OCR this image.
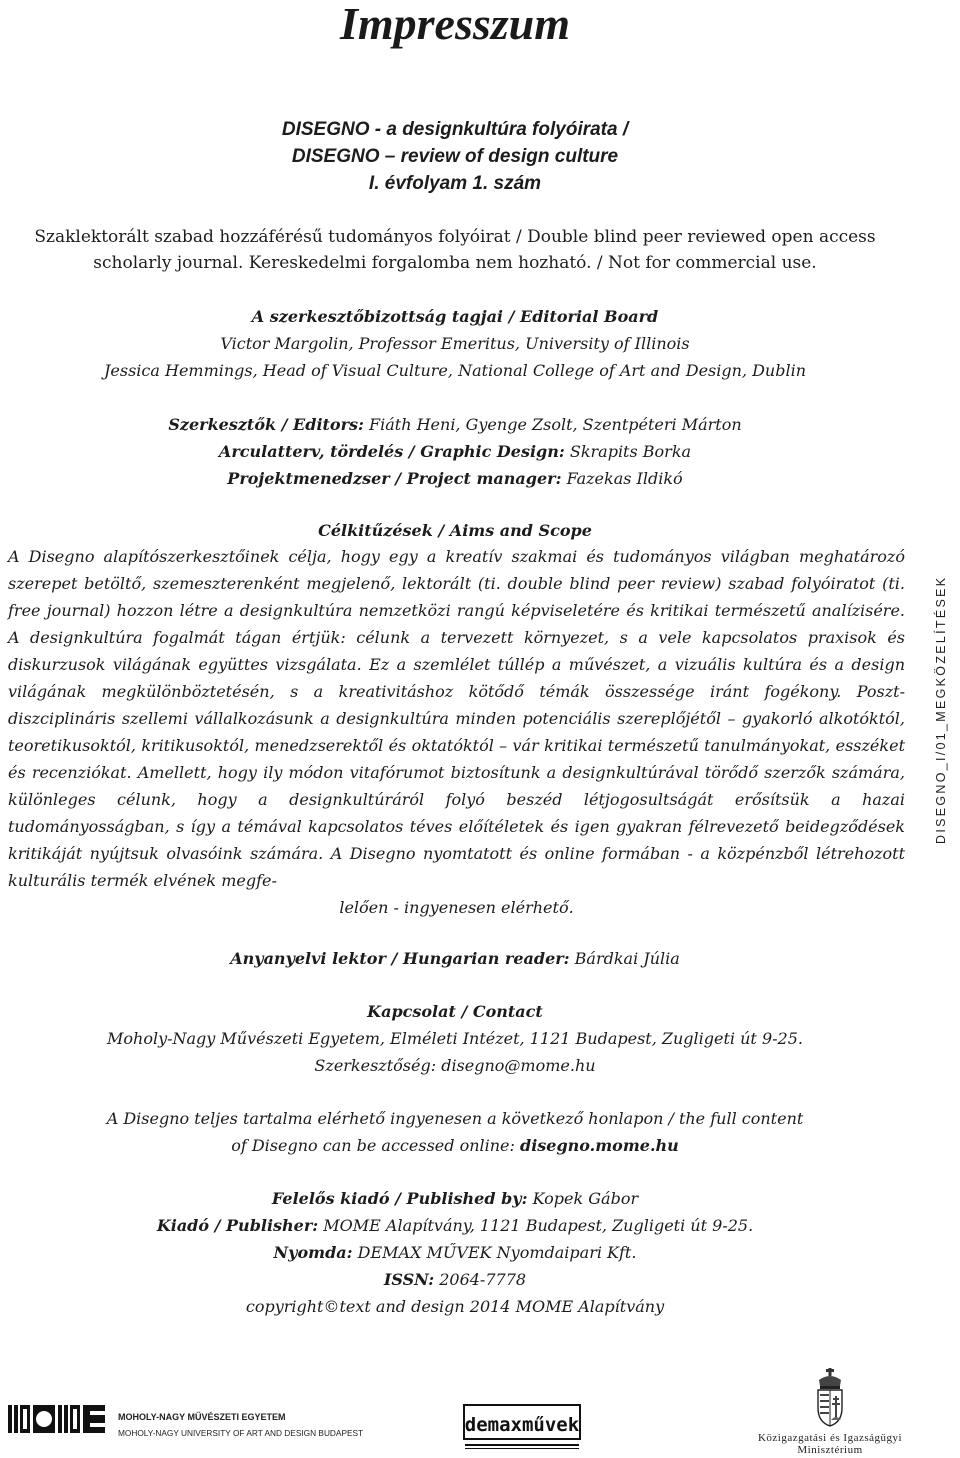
Impresszum
DISEGNO - a designkultúra folyóirata /
DISEGNO – review of design culture
I. évfolyam 1. szám
Szaklektorált szabad hozzáférésű tudományos folyóirat / Double blind peer reviewed open access
scholarly journal. Kereskedelmi forgalomba nem hozható. / Not for commercial use.
A szerkesztőbizottság tagjai / Editorial Board
Victor Margolin, Professor Emeritus, University of Illinois
Jessica Hemmings, Head of Visual Culture, National College of Art and Design, Dublin
Szerkesztők / Editors: Fiáth Heni, Gyenge Zsolt, Szentpéteri Márton
Arculatterv, tördelés / Graphic Design: Skrapits Borka
Projektmenedzser / Project manager: Fazekas Ildikó
Célkitűzések / Aims and Scope

A Disegno alapítószerkesztőinek célja, hogy egy a kreatív szakmai és tudományos világban meghatározó szerepet betöltő, szemeszterenként megjelenő, lektorált (ti. double blind peer review) szabad folyóiratot (ti. free journal) hozzon létre a designkultúra nemzetközi rangú képviseletére és kritikai természetű analízisére. A designkultúra fogalmát tágan értjük: célunk a tervezett környezet, s a vele kapcsolatos praxisok és diskurzusok világának együttes vizsgálata. Ez a szemlélet túllép a művészet, a vizuális kultúra és a design világának megkülönböztetésén, s a kreativitáshoz kötődő témák összessége iránt fogékony. Poszt-diszciplináris szellemi vállalkozásunk a designkultúra minden potenciális szereplőjétől – gyakorló alkotóktól, teoretikusoktól, kritikusoktól, menedzserektől és oktatóktól – vár kritikai természetű tanulmányokat, esszéket és recenziókat. Amellett, hogy ily módon vitafórumot biztosítunk a designkultúrával törődő szerzők számára, különleges célunk, hogy a designkultúráról folyó beszéd létjogosultságát erősítsük a hazai tudományosságban, s így a témával kapcsolatos téves előítéletek és igen gyakran félrevezető beidegződések kritikáját nyújtsuk olvasóink számára. A Disegno nyomtatott és online formában - a közpénzből létrehozott kulturális termék elvének megfe-

lelően - ingyenesen elérhető.

Anyanyelvi lektor / Hungarian reader: Bárdkai Júlia
Kapcsolat / Contact
Moholy-Nagy Művészeti Egyetem, Elméleti Intézet, 1121 Budapest, Zugligeti út 9-25.
Szerkesztőség: disegno@mome.hu
A Disegno teljes tartalma elérhető ingyenesen a következő honlapon / the full content
of Disegno can be accessed online: disegno.mome.hu
Felelős kiadó / Published by: Kopek Gábor
Kiadó / Publisher: MOME Alapítvány, 1121 Budapest, Zugligeti út 9-25.
Nyomda: DEMAX MŰVEK Nyomdaipari Kft.
ISSN: 2064-7778
copyright©text and design 2014 MOME Alapítvány
DISEGNO_I/01_MEGKÖZELÍTÉSEK
MOHOLY-NAGY MŰVÉSZETI EGYETEM
MOHOLY-NAGY UNIVERSITY OF ART AND DESIGN BUDAPEST	demaxművek
Közigazgatási és Igazságügyi
Minisztérium
